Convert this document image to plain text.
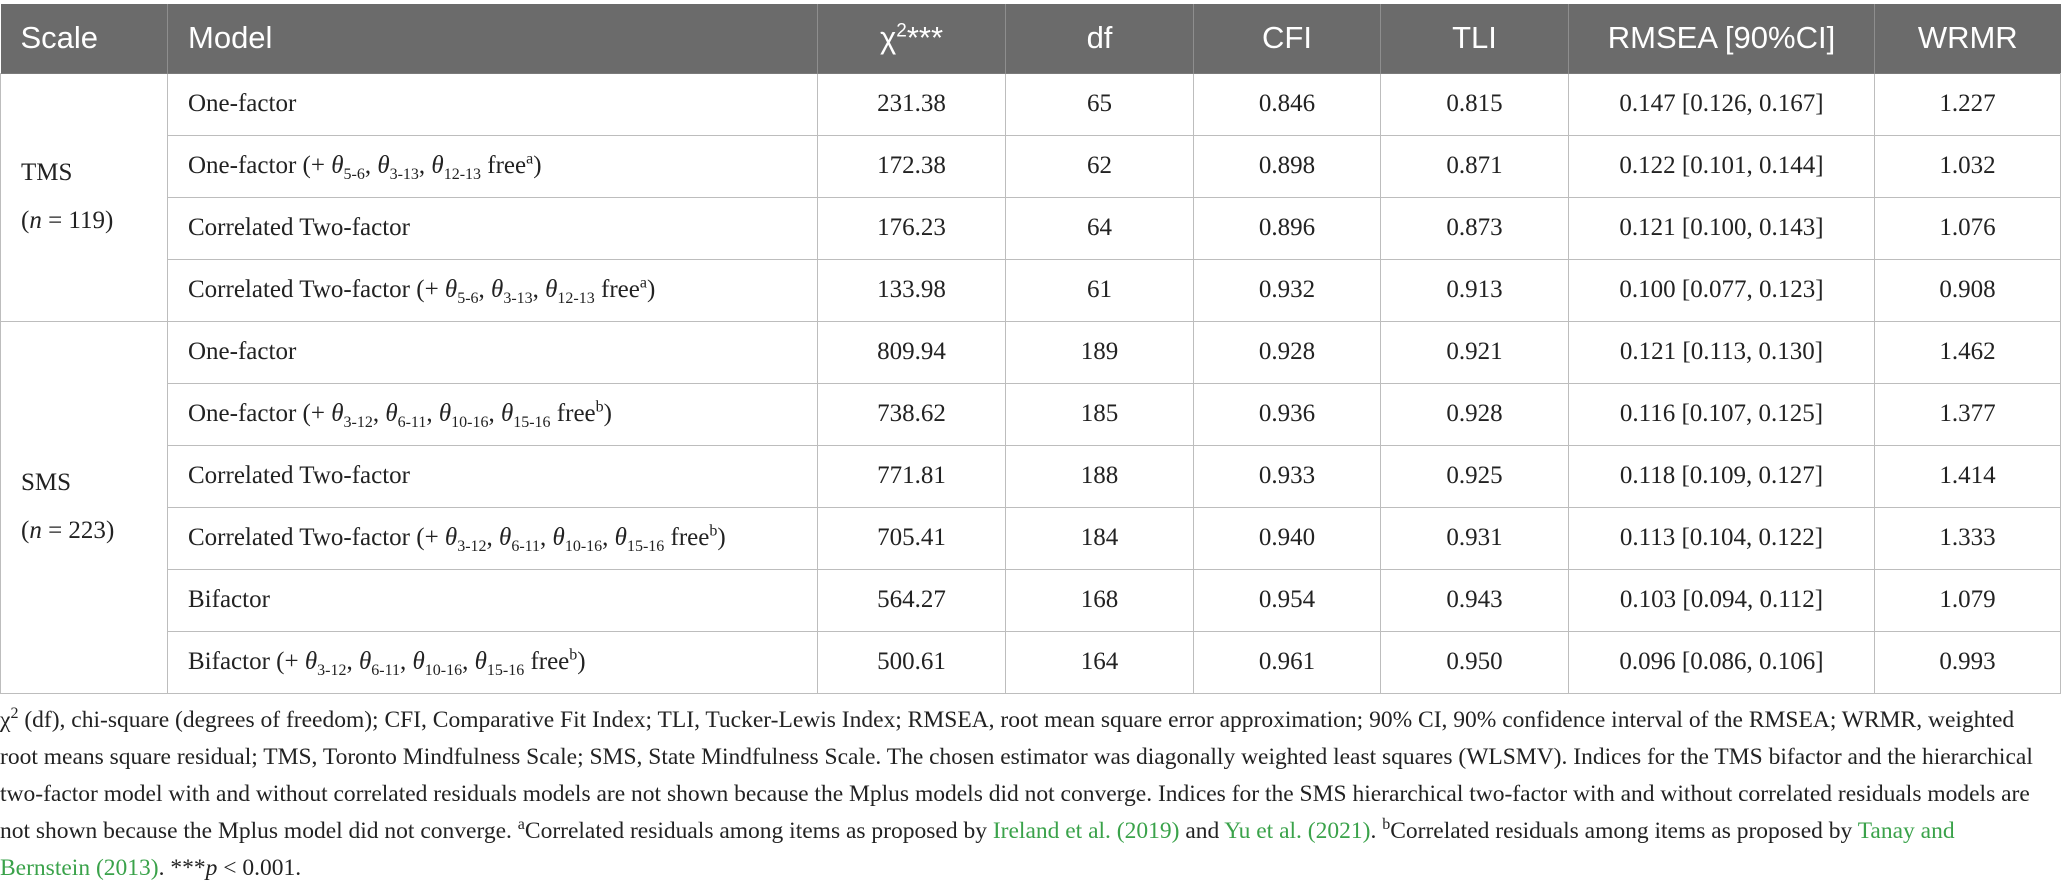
Scale	Model	$\chi^2***$	df	CFI	TLI	RMSEA [90%CI]	WRMR
TMS
(n = 119)	One-factor	231.38	65	0.846	0.815	0.147 [0.126, 0.167]	1.227
	One-factor (+ $\theta_{5-6}$, $\theta_{3-13}$, $\theta_{12-13}$ free$^a$)	172.38	62	0.898	0.871	0.122 [0.101, 0.144]	1.032
	Correlated Two-factor	176.23	64	0.896	0.873	0.121 [0.100, 0.143]	1.076
	Correlated Two-factor (+ $\theta_{5-6}$, $\theta_{3-13}$, $\theta_{12-13}$ free$^a$)	133.98	61	0.932	0.913	0.100 [0.077, 0.123]	0.908
SMS
(n = 223)	One-factor	809.94	189	0.928	0.921	0.121 [0.113, 0.130]	1.462
	One-factor (+ $\theta_{3-12}$, $\theta_{6-11}$, $\theta_{10-16}$, $\theta_{15-16}$ free$^b$)	738.62	185	0.936	0.928	0.116 [0.107, 0.125]	1.377
	Correlated Two-factor	771.81	188	0.933	0.925	0.118 [0.109, 0.127]	1.414
	Correlated Two-factor (+ $\theta_{3-12}$, $\theta_{6-11}$, $\theta_{10-16}$, $\theta_{15-16}$ free$^b$)	705.41	184	0.940	0.931	0.113 [0.104, 0.122]	1.333
	Bifactor	564.27	168	0.954	0.943	0.103 [0.094, 0.112]	1.079
	Bifactor (+ $\theta_{3-12}$, $\theta_{6-11}$, $\theta_{10-16}$, $\theta_{15-16}$ free$^b$)	500.61	164	0.961	0.950	0.096 [0.086, 0.106]	0.993
$\chi^2$ (df), chi-square (degrees of freedom); CFI, Comparative Fit Index; TLI, Tucker-Lewis Index; RMSEA, root mean square error approximation; 90% CI, 90% confidence interval of the RMSEA; WRMR, weighted root means square residual; TMS, Toronto Mindfulness Scale; SMS, State Mindfulness Scale. The chosen estimator was diagonally weighted least squares (WLSMV). Indices for the TMS bifactor and the hierarchical two-factor model with and without correlated residuals models are not shown because the Mplus models did not converge. Indices for the SMS hierarchical two-factor with and without correlated residuals models are not shown because the Mplus model did not converge. $^a$Correlated residuals among items as proposed by Ireland et al. (2019) and Yu et al. (2021). $^b$Correlated residuals among items as proposed by Tanay and Bernstein (2013). ***p < 0.001.
